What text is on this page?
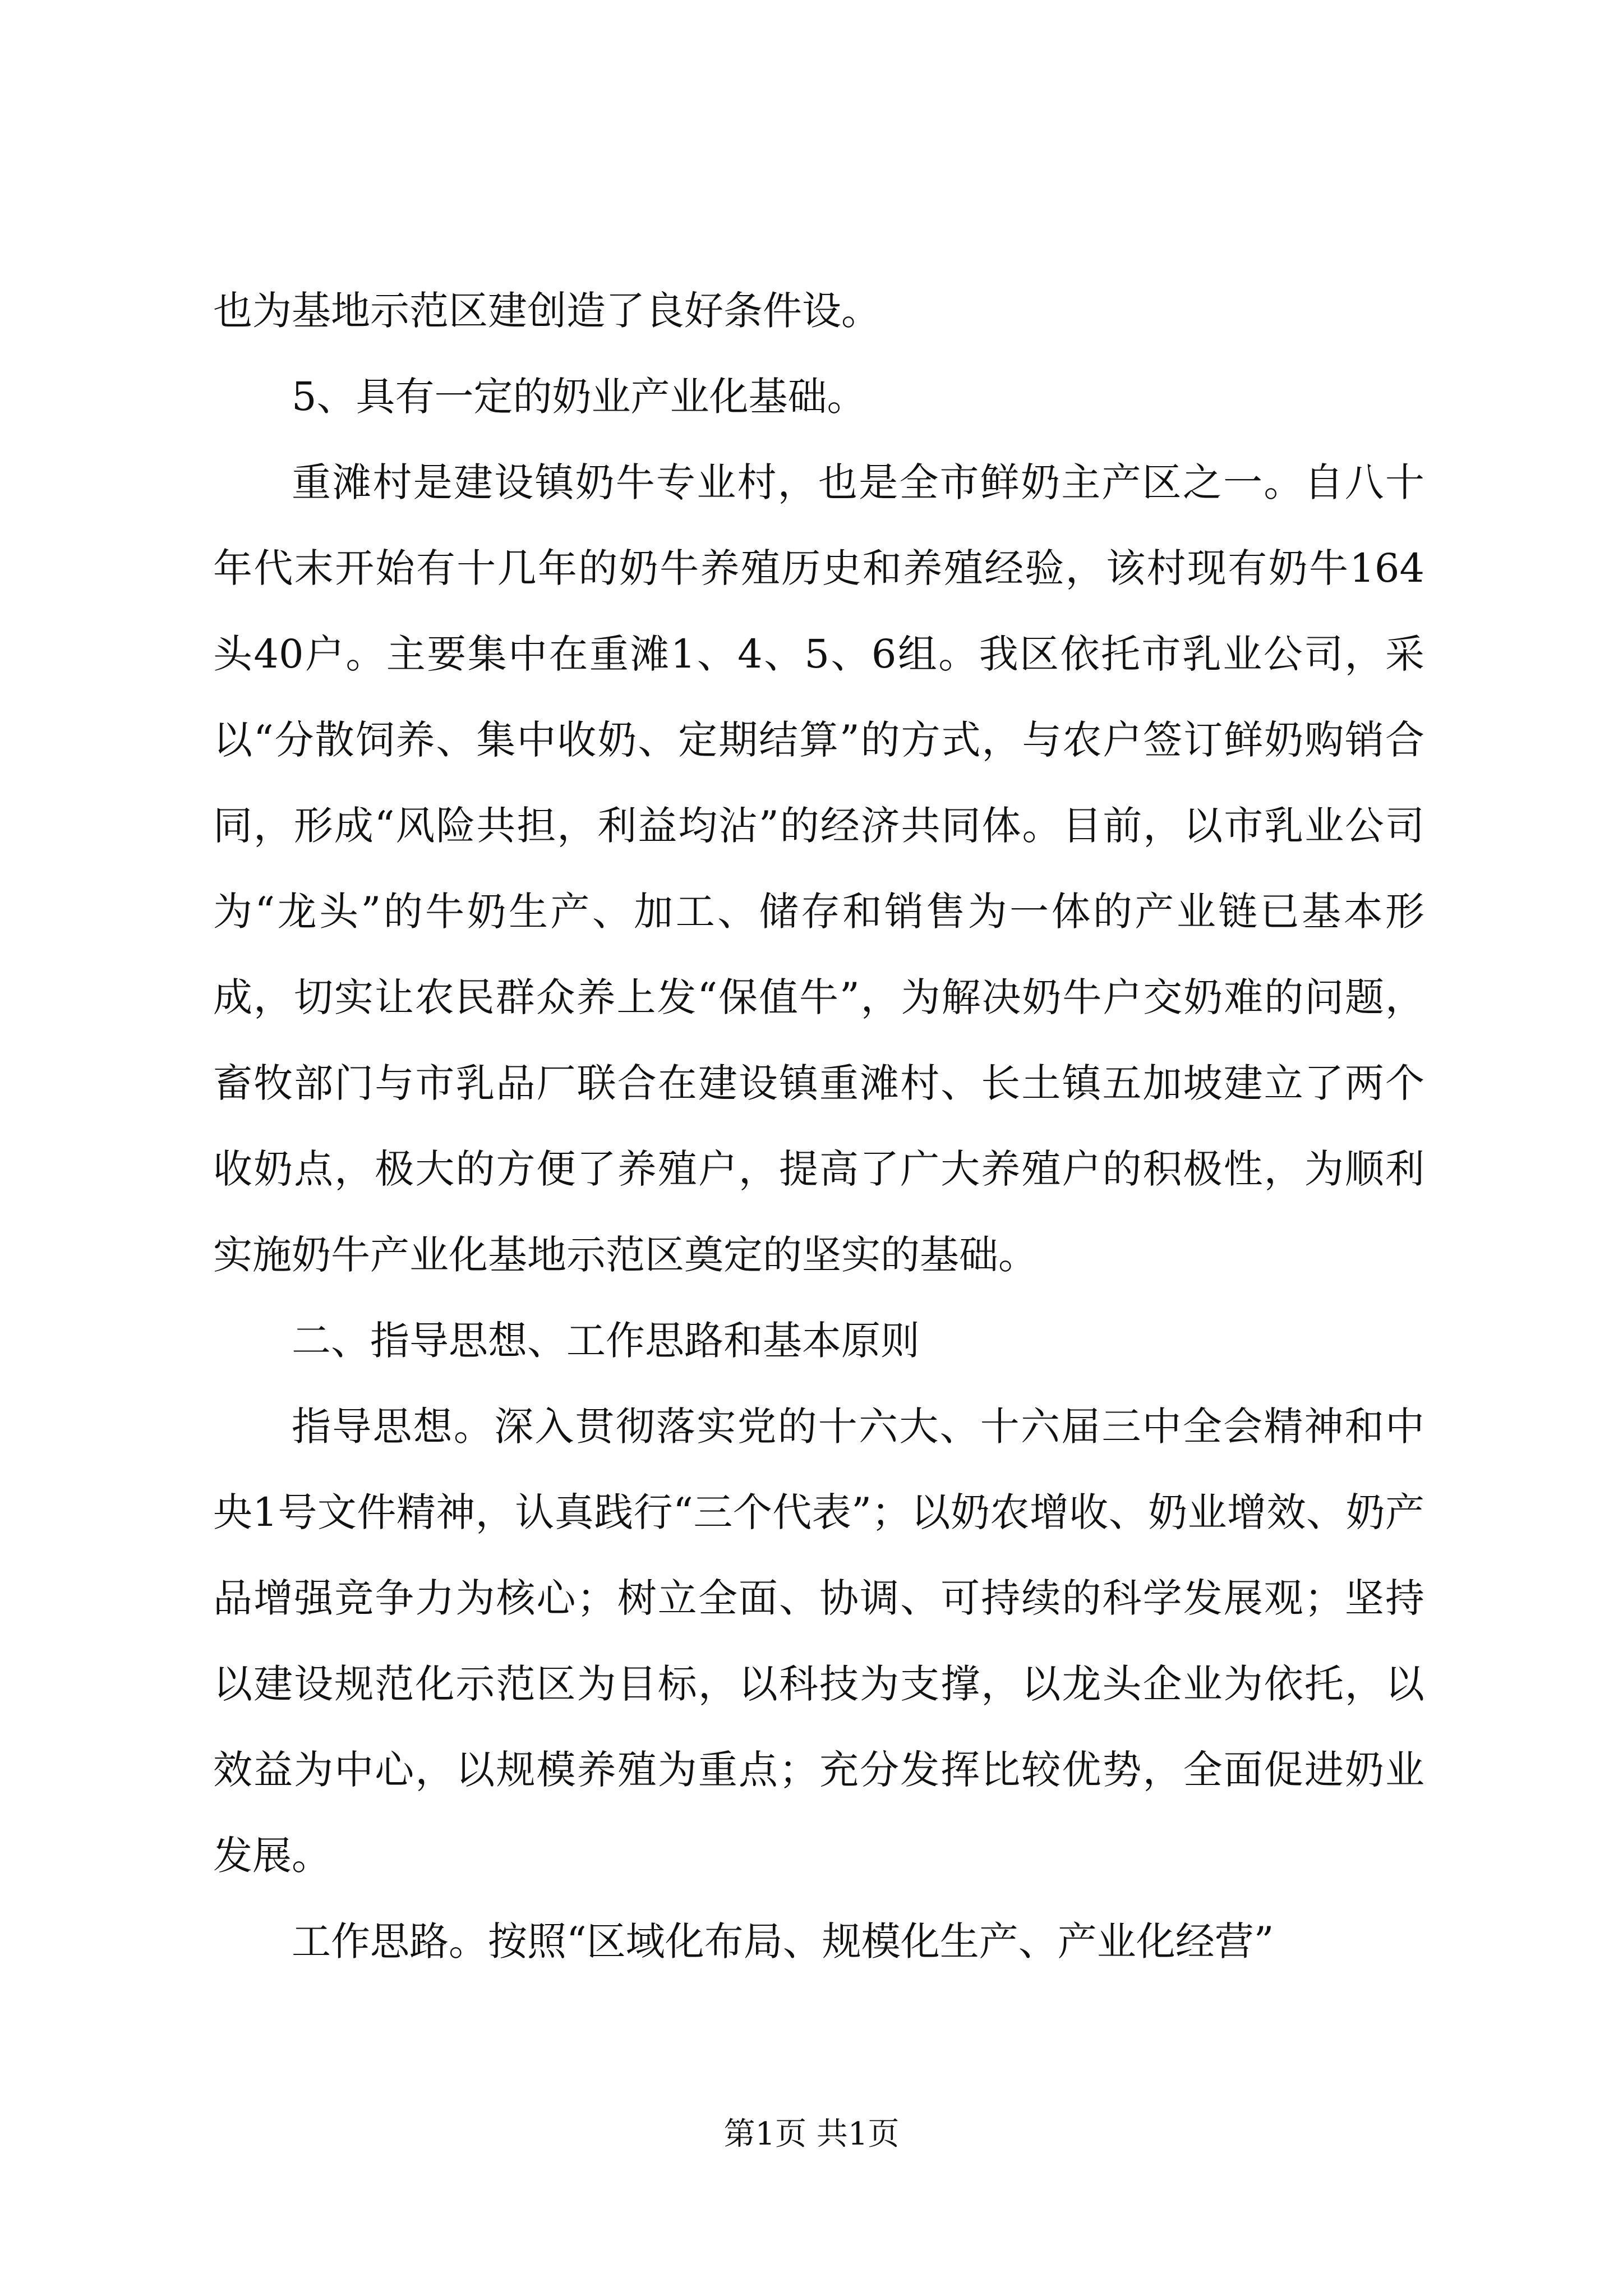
也为基地示范区建创造了良好条件设。

5、具有一定的奶业产业化基础。

重滩村是建设镇奶牛专业村，也是全市鲜奶主产区之一。自八十年代末开始有十几年的奶牛养殖历史和养殖经验，该村现有奶牛164头40户。主要集中在重滩1、4、5、6组。我区依托市乳业公司，采以“分散饲养、集中收奶、定期结算”的方式，与农户签订鲜奶购销合同，形成“风险共担，利益均沾”的经济共同体。目前，以市乳业公司为“龙头”的牛奶生产、加工、储存和销售为一体的产业链已基本形成，切实让农民群众养上发“保值牛”，为解决奶牛户交奶难的问题，畜牧部门与市乳品厂联合在建设镇重滩村、长土镇五加坡建立了两个收奶点，极大的方便了养殖户，提高了广大养殖户的积极性，为顺利实施奶牛产业化基地示范区奠定的坚实的基础。

二、指导思想、工作思路和基本原则

指导思想。深入贯彻落实党的十六大、十六届三中全会精神和中央1号文件精神，认真践行“三个代表”；以奶农增收、奶业增效、奶产品增强竞争力为核心；树立全面、协调、可持续的科学发展观；坚持以建设规范化示范区为目标，以科技为支撑，以龙头企业为依托，以效益为中心，以规模养殖为重点；充分发挥比较优势，全面促进奶业发展。

工作思路。按照“区域化布局、规模化生产、产业化经营”

第1页 共1页
